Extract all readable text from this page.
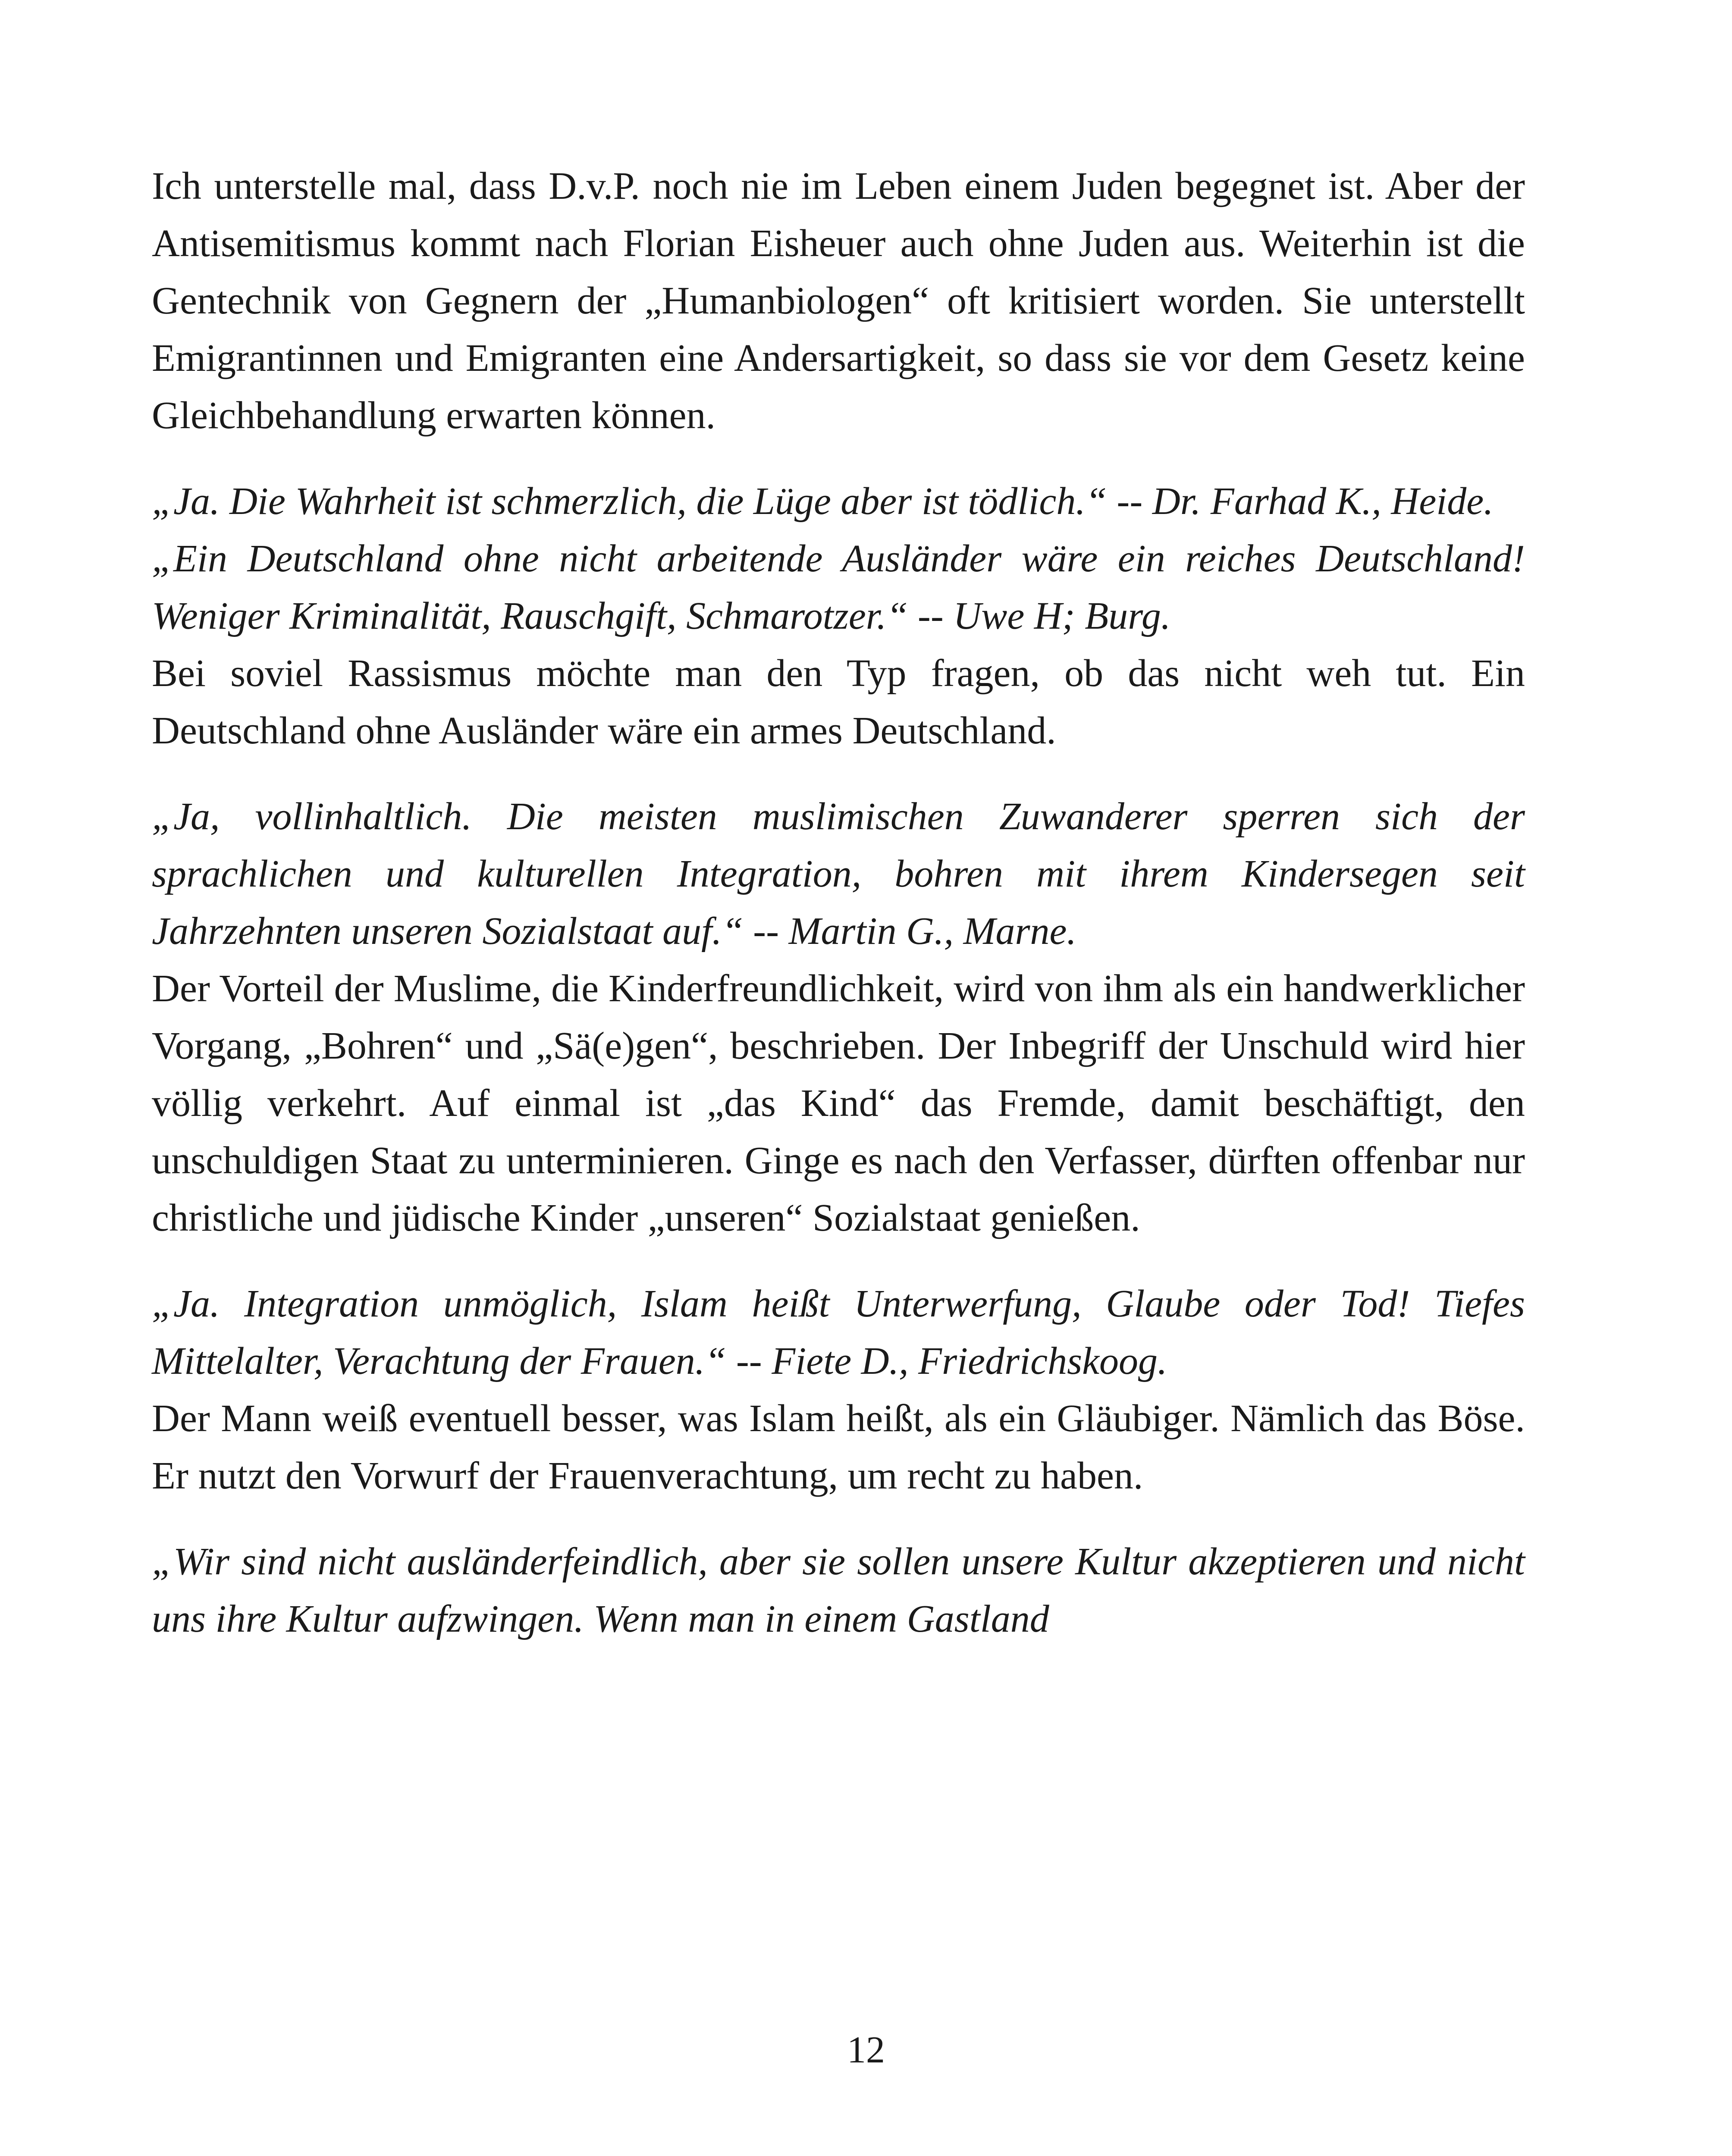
Ich unterstelle mal, dass D.v.P. noch nie im Leben einem Juden begegnet ist. Aber der Antisemitismus kommt nach Florian Eisheuer auch ohne Juden aus. Weiterhin ist die Gentechnik von Gegnern der „Humanbiologen“ oft kritisiert worden. Sie unterstellt Emigrantinnen und Emigranten eine Andersartigkeit, so dass sie vor dem Gesetz keine Gleichbehandlung erwarten können.

„Ja. Die Wahrheit ist schmerzlich, die Lüge aber ist tödlich.“ -- Dr. Farhad K., Heide.

„Ein Deutschland ohne nicht arbeitende Ausländer wäre ein reiches Deutschland! Weniger Kriminalität, Rauschgift, Schmarotzer.“ -- Uwe H; Burg.

Bei soviel Rassismus möchte man den Typ fragen, ob das nicht weh tut. Ein Deutschland ohne Ausländer wäre ein armes Deutschland.

„Ja, vollinhaltlich. Die meisten muslimischen Zuwanderer sperren sich der sprachlichen und kulturellen Integration, bohren mit ihrem Kindersegen seit Jahrzehnten unseren Sozialstaat auf.“ -- Martin G., Marne.

Der Vorteil der Muslime, die Kinderfreundlichkeit, wird von ihm als ein handwerklicher Vorgang, „Bohren“ und „Sä(e)gen“, beschrieben. Der Inbegriff der Unschuld wird hier völlig verkehrt. Auf einmal ist „das Kind“ das Fremde, damit beschäftigt, den unschuldigen Staat zu unterminieren. Ginge es nach den Verfasser, dürften offenbar nur christliche und jüdische Kinder „unseren“ Sozialstaat genießen.

„Ja. Integration unmöglich, Islam heißt Unterwerfung, Glaube oder Tod! Tiefes Mittelalter, Verachtung der Frauen.“ -- Fiete D., Friedrichskoog.

Der Mann weiß eventuell besser, was Islam heißt, als ein Gläubiger. Nämlich das Böse. Er nutzt den Vorwurf der Frauenverachtung, um recht zu haben.

„Wir sind nicht ausländerfeindlich, aber sie sollen unsere Kultur akzeptieren und nicht uns ihre Kultur aufzwingen. Wenn man in einem Gastland

12
